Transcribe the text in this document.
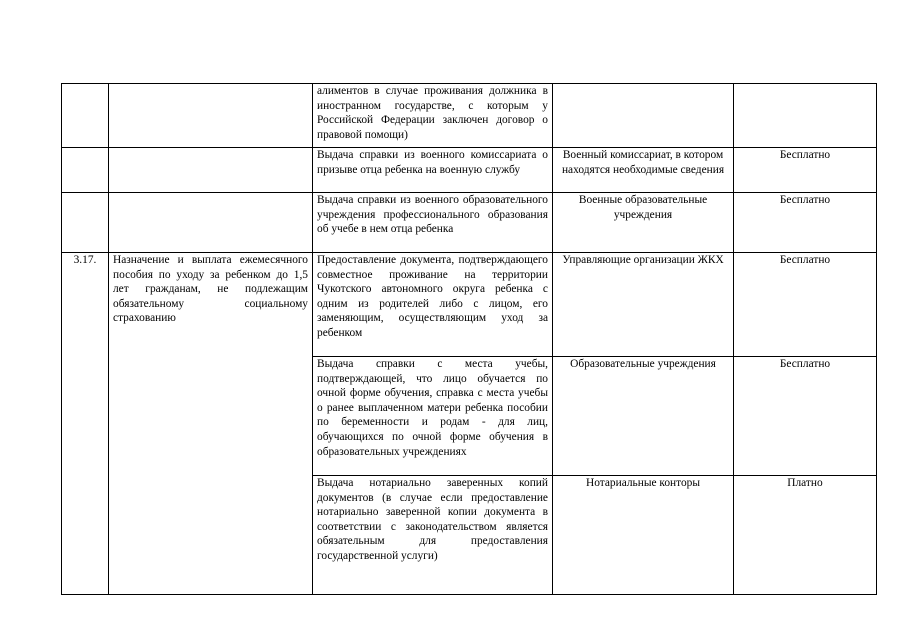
		алиментов в случае проживания должника в иностранном государстве, с которым у Российской Федерации заключен договор о правовой помощи)		

		Выдача справки из военного комиссариата о призыве отца ребенка на военную службу	Военный комиссариат, в котором находятся необходимые сведения	Бесплатно

		Выдача справки из военного образовательного учреждения профессионального образования об учебе в нем отца ребенка	Военные образовательные учреждения	Бесплатно

3.17.	Назначение и выплата ежемесячного пособия по уходу за ребенком до 1,5 лет гражданам, не подлежащим обязательному социальному страхованию	Предоставление документа, подтверждающего совместное проживание на территории Чукотского автономного округа ребенка с одним из родителей либо с лицом, его заменяющим, осуществляющим уход за ребенком	Управляющие организации ЖКХ	Бесплатно

		Выдача справки с места учебы, подтверждающей, что лицо обучается по очной форме обучения, справка с места учебы о ранее выплаченном матери ребенка пособии по беременности и родам - для лиц, обучающихся по очной форме обучения в образовательных учреждениях	Образовательные учреждения	Бесплатно

		Выдача нотариально заверенных копий документов (в случае если предоставление нотариально заверенной копии документа в соответствии с законодательством является обязательным для предоставления государственной услуги)	Нотариальные конторы	Платно
